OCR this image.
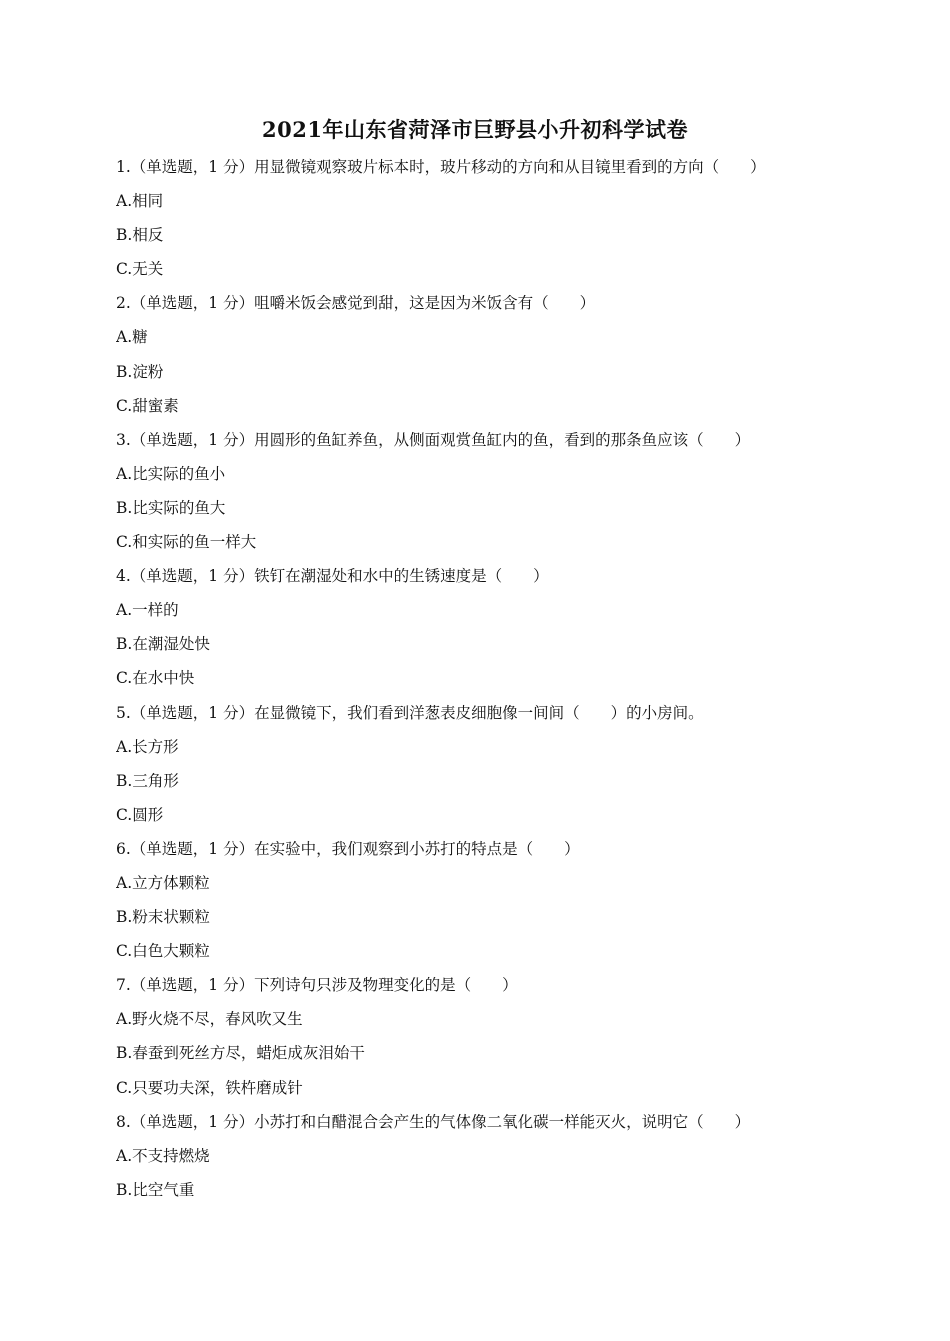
2021年山东省菏泽市巨野县小升初科学试卷
1.（单选题，1 分）用显微镜观察玻片标本时，玻片移动的方向和从目镜里看到的方向（　　）
A.相同
B.相反
C.无关
2.（单选题，1 分）咀嚼米饭会感觉到甜，这是因为米饭含有（　　）
A.糖
B.淀粉
C.甜蜜素
3.（单选题，1 分）用圆形的鱼缸养鱼，从侧面观赏鱼缸内的鱼，看到的那条鱼应该（　　）
A.比实际的鱼小
B.比实际的鱼大
C.和实际的鱼一样大
4.（单选题，1 分）铁钉在潮湿处和水中的生锈速度是（　　）
A.一样的
B.在潮湿处快
C.在水中快
5.（单选题，1 分）在显微镜下，我们看到洋葱表皮细胞像一间间（　　）的小房间。
A.长方形
B.三角形
C.圆形
6.（单选题，1 分）在实验中，我们观察到小苏打的特点是（　　）
A.立方体颗粒
B.粉末状颗粒
C.白色大颗粒
7.（单选题，1 分）下列诗句只涉及物理变化的是（　　）
A.野火烧不尽，春风吹又生
B.春蚕到死丝方尽，蜡炬成灰泪始干
C.只要功夫深，铁杵磨成针
8.（单选题，1 分）小苏打和白醋混合会产生的气体像二氧化碳一样能灭火，说明它（　　）
A.不支持燃烧
B.比空气重
